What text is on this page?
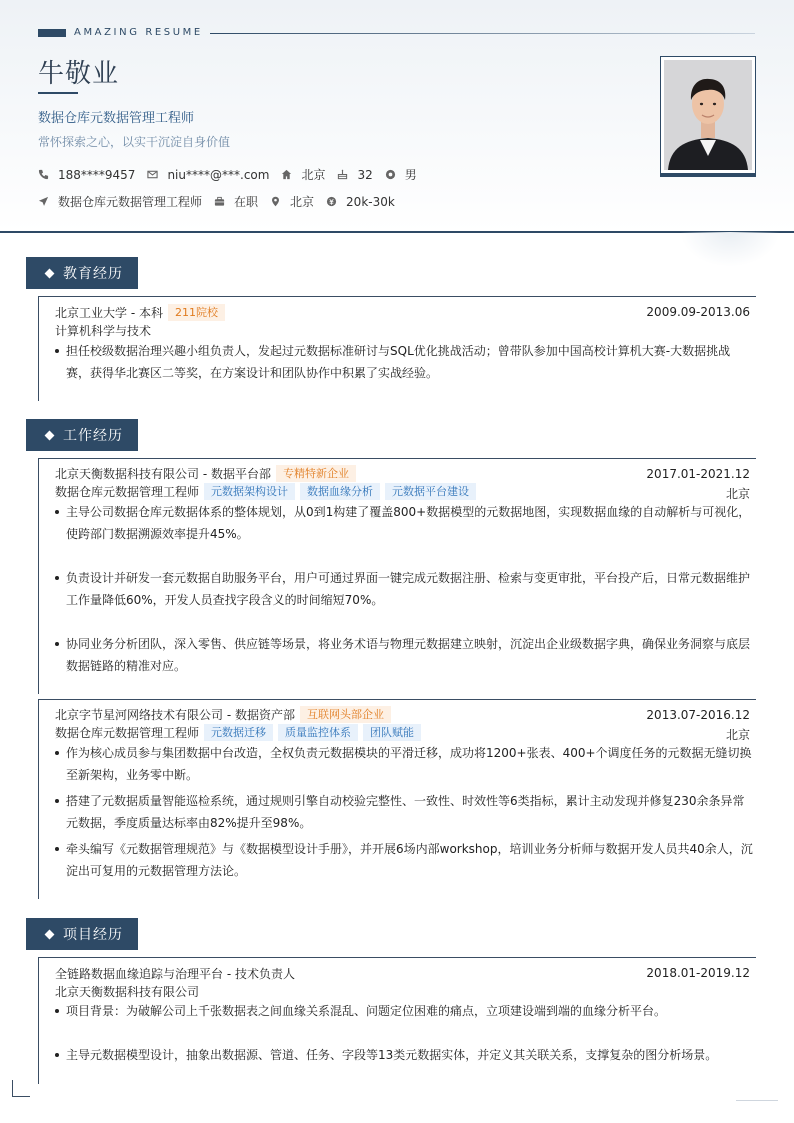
AMAZING RESUME
牛敬业
数据仓库元数据管理工程师
常怀探索之心，以实干沉淀自身价值
188****9457	niu****@***.com	北京	32	男
数据仓库元数据管理工程师	在职	北京	20k-30k
教育经历
北京工业大学 - 本科	211院校	2009.09-2013.06
计算机科学与技术
担任校级数据治理兴趣小组负责人，发起过元数据标准研讨与SQL优化挑战活动；曾带队参加中国高校计算机大赛-大数据挑战赛，获得华北赛区二等奖，在方案设计和团队协作中积累了实战经验。
工作经历
北京天衡数据科技有限公司 - 数据平台部	专精特新企业	2017.01-2021.12
数据仓库元数据管理工程师	元数据架构设计	数据血缘分析	元数据平台建设	北京
主导公司数据仓库元数据体系的整体规划，从0到1构建了覆盖800+数据模型的元数据地图，实现数据血缘的自动解析与可视化，使跨部门数据溯源效率提升45%。
负责设计并研发一套元数据自助服务平台，用户可通过界面一键完成元数据注册、检索与变更审批，平台投产后，日常元数据维护工作量降低60%，开发人员查找字段含义的时间缩短70%。
协同业务分析团队，深入零售、供应链等场景，将业务术语与物理元数据建立映射，沉淀出企业级数据字典，确保业务洞察与底层数据链路的精准对应。
北京字节星河网络技术有限公司 - 数据资产部	互联网头部企业	2013.07-2016.12
数据仓库元数据管理工程师	元数据迁移	质量监控体系	团队赋能	北京
作为核心成员参与集团数据中台改造，全权负责元数据模块的平滑迁移，成功将1200+张表、400+个调度任务的元数据无缝切换至新架构，业务零中断。
搭建了元数据质量智能巡检系统，通过规则引擎自动校验完整性、一致性、时效性等6类指标，累计主动发现并修复230余条异常元数据，季度质量达标率由82%提升至98%。
牵头编写《元数据管理规范》与《数据模型设计手册》，并开展6场内部workshop，培训业务分析师与数据开发人员共40余人，沉淀出可复用的元数据管理方法论。
项目经历
全链路数据血缘追踪与治理平台 - 技术负责人	2018.01-2019.12
北京天衡数据科技有限公司
项目背景：为破解公司上千张数据表之间血缘关系混乱、问题定位困难的痛点，立项建设端到端的血缘分析平台。
主导元数据模型设计，抽象出数据源、管道、任务、字段等13类元数据实体，并定义其关联关系，支撑复杂的图分析场景。
